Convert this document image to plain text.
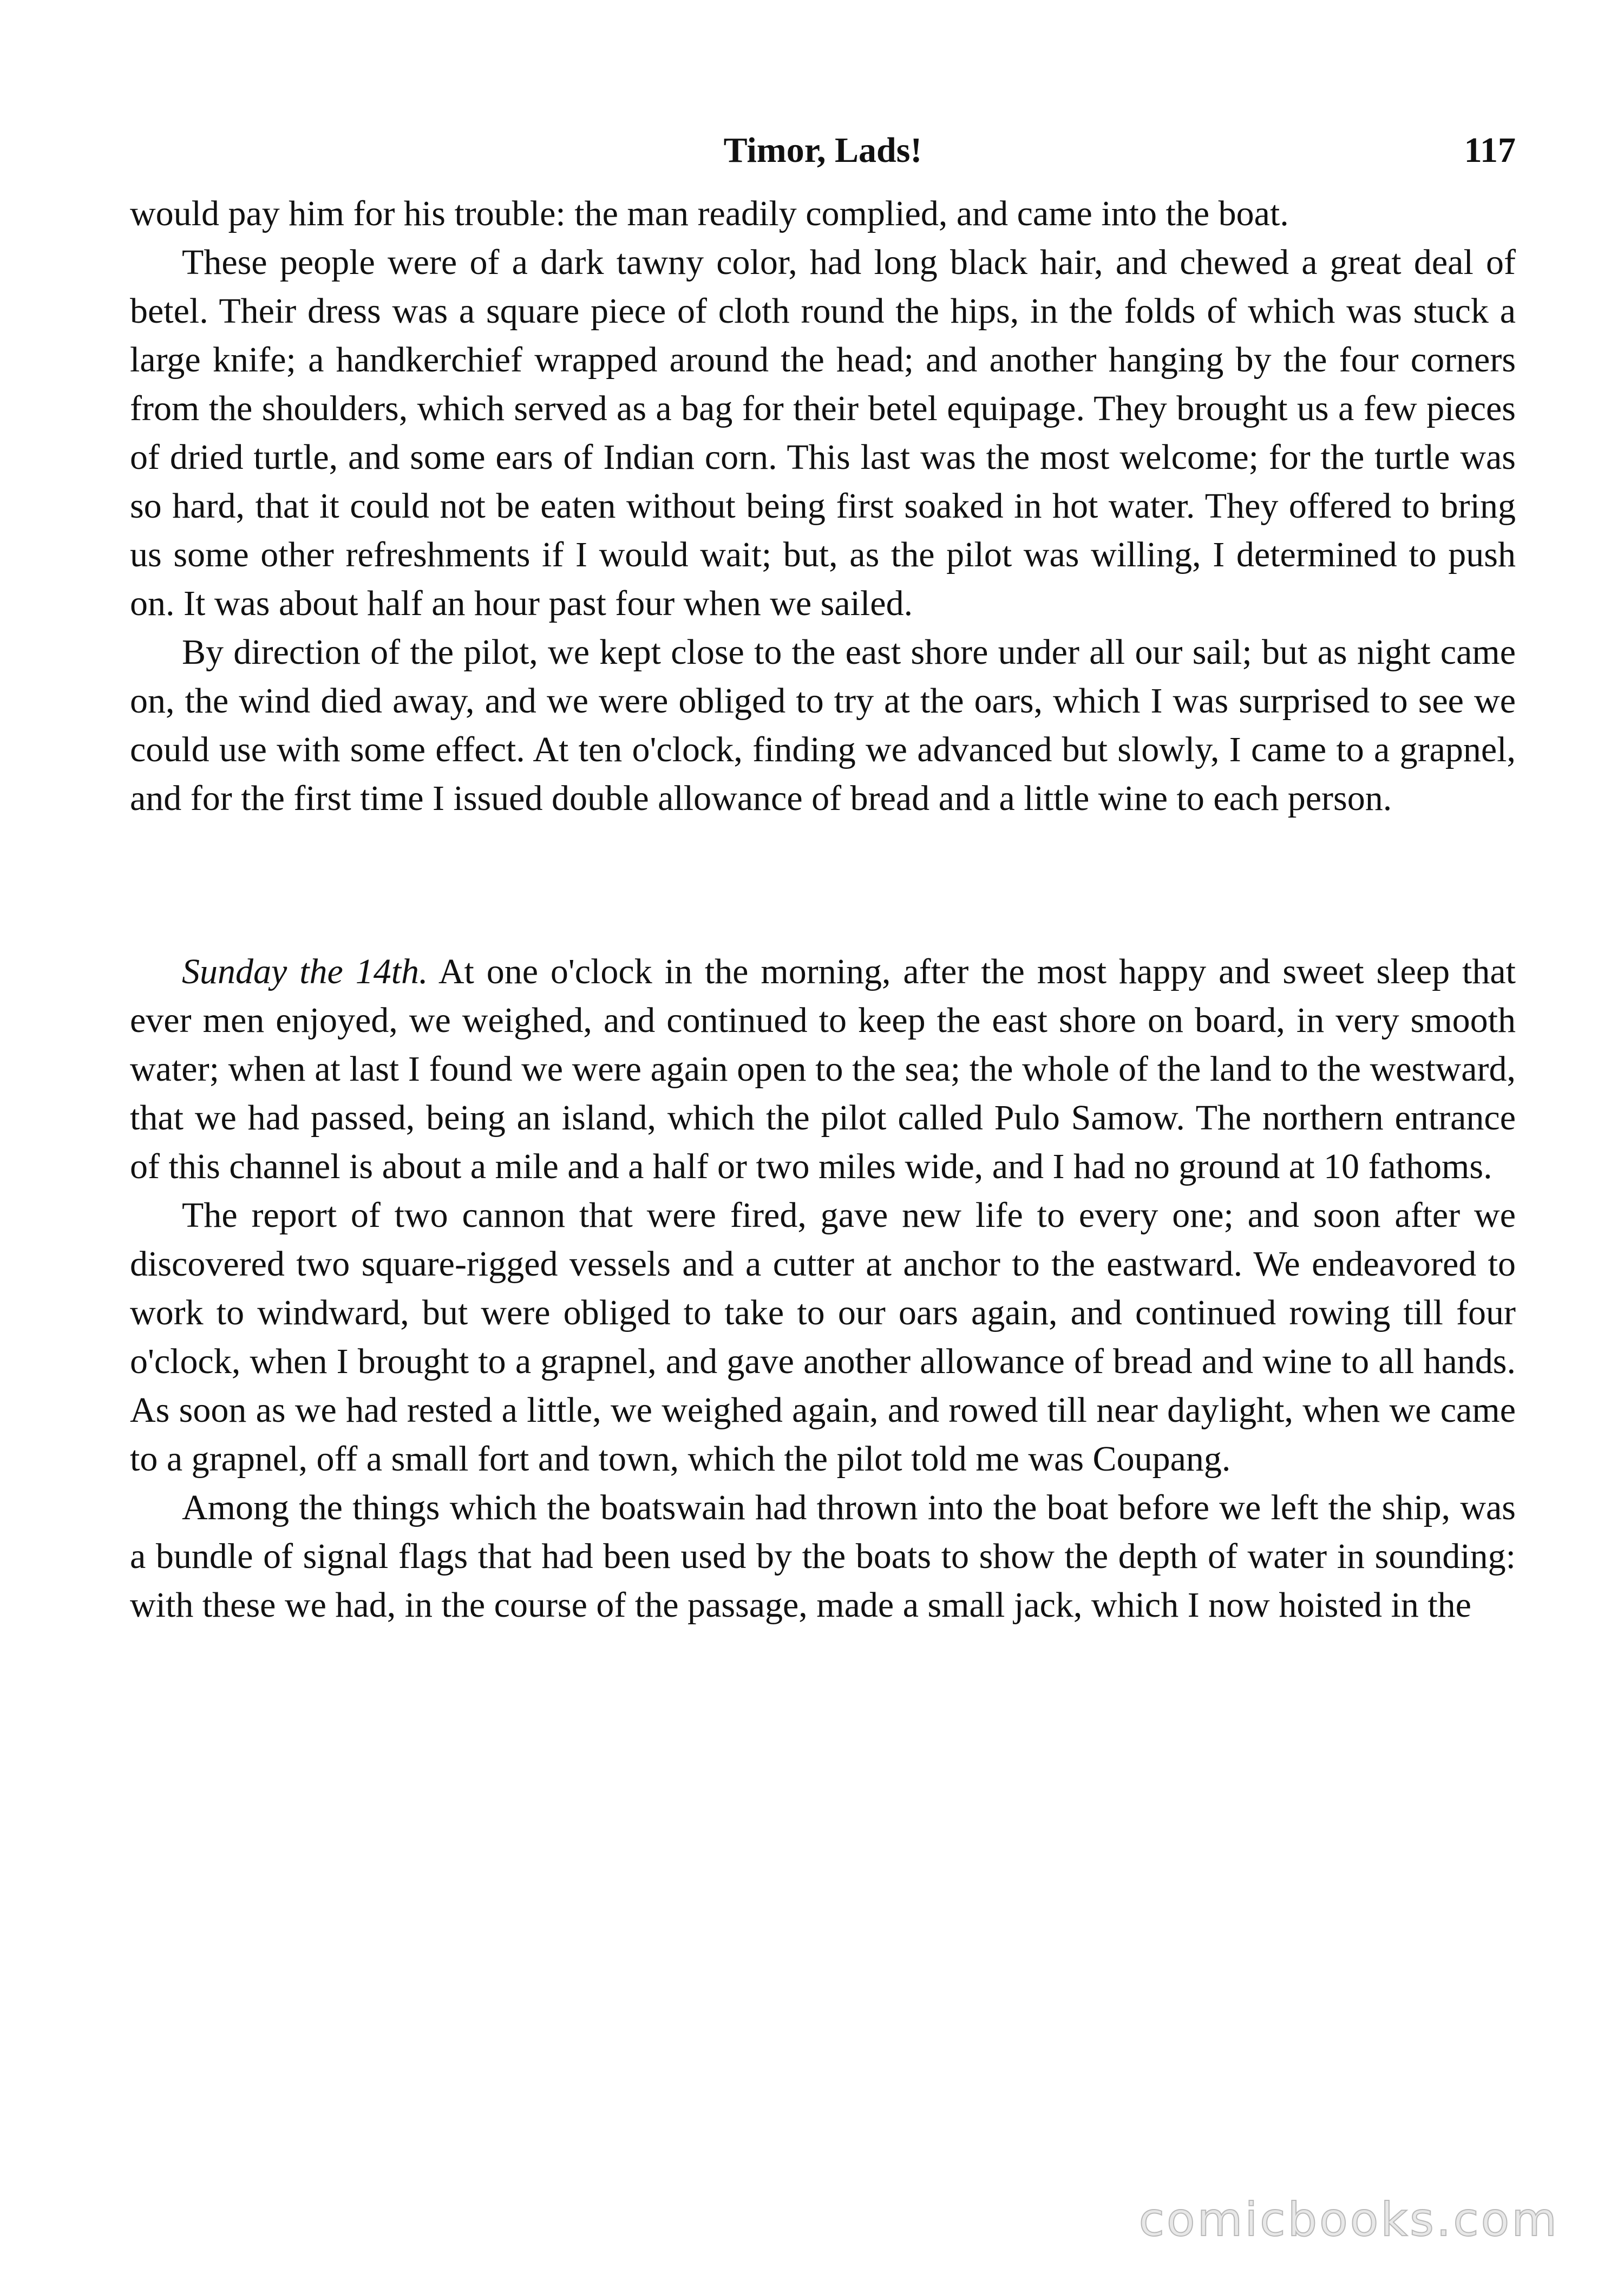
Timor, Lads!	117

would pay him for his trouble: the man readily complied, and came into the boat.

These people were of a dark tawny color, had long black hair, and chewed a great deal of betel. Their dress was a square piece of cloth round the hips, in the folds of which was stuck a large knife; a handkerchief wrapped around the head; and another hanging by the four corners from the shoulders, which served as a bag for their betel equipage. They brought us a few pieces of dried turtle, and some ears of Indian corn. This last was the most welcome; for the turtle was so hard, that it could not be eaten without being first soaked in hot water. They offered to bring us some other refreshments if I would wait; but, as the pilot was willing, I determined to push on. It was about half an hour past four when we sailed.

By direction of the pilot, we kept close to the east shore under all our sail; but as night came on, the wind died away, and we were obliged to try at the oars, which I was surprised to see we could use with some effect. At ten o'clock, finding we advanced but slowly, I came to a grapnel, and for the first time I issued double allowance of bread and a little wine to each person.

Sunday the 14th. At one o'clock in the morning, after the most happy and sweet sleep that ever men enjoyed, we weighed, and continued to keep the east shore on board, in very smooth water; when at last I found we were again open to the sea; the whole of the land to the westward, that we had passed, being an island, which the pilot called Pulo Samow. The northern entrance of this channel is about a mile and a half or two miles wide, and I had no ground at 10 fathoms.

The report of two cannon that were fired, gave new life to every one; and soon after we discovered two square-rigged vessels and a cutter at anchor to the eastward. We endeavored to work to windward, but were obliged to take to our oars again, and continued rowing till four o'clock, when I brought to a grapnel, and gave another allowance of bread and wine to all hands. As soon as we had rested a little, we weighed again, and rowed till near daylight, when we came to a grapnel, off a small fort and town, which the pilot told me was Coupang.

Among the things which the boatswain had thrown into the boat before we left the ship, was a bundle of signal flags that had been used by the boats to show the depth of water in sounding: with these we had, in the course of the passage, made a small jack, which I now hoisted in the

comicbooks.com
